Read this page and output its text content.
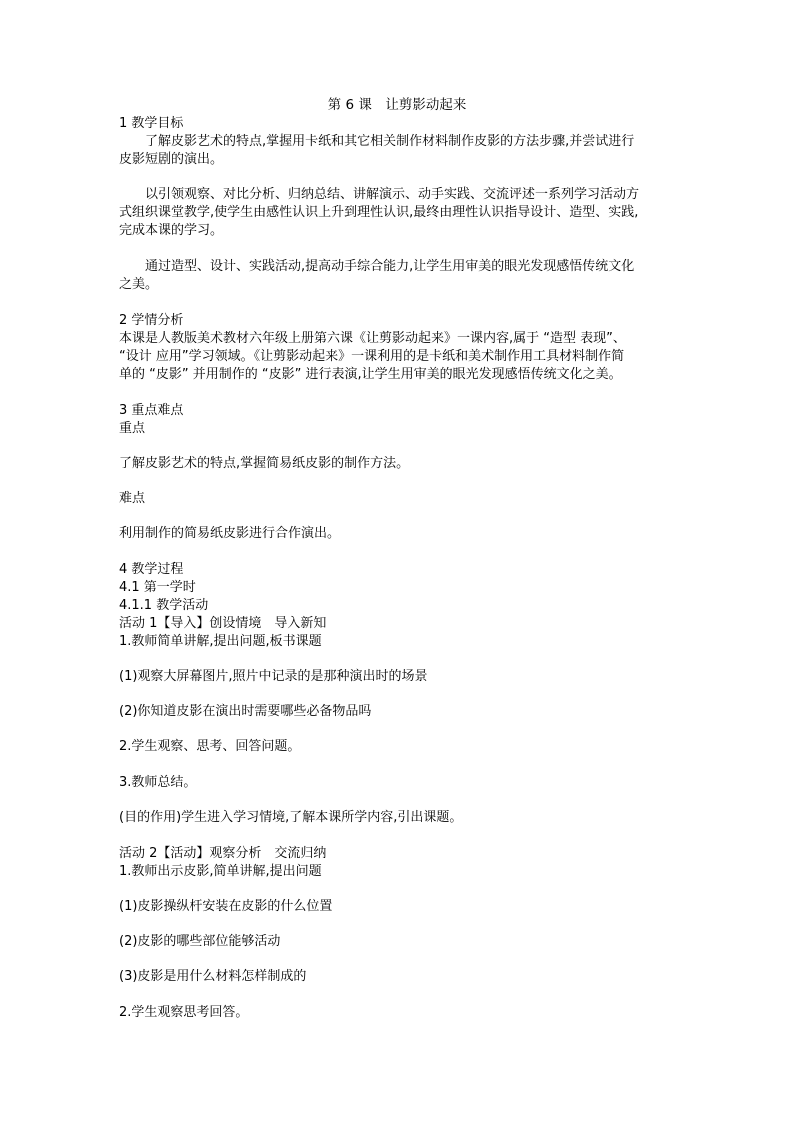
第 6 课　让剪影动起来
1 教学目标
　　了解皮影艺术的特点,掌握用卡纸和其它相关制作材料制作皮影的方法步骤,并尝试进行
皮影短剧的演出。
　　以引领观察、对比分析、归纳总结、讲解演示、动手实践、交流评述一系列学习活动方
式组织课堂教学,使学生由感性认识上升到理性认识,最终由理性认识指导设计、造型、实践,
完成本课的学习。
　　通过造型、设计、实践活动,提高动手综合能力,让学生用审美的眼光发现感悟传统文化
之美。
2 学情分析
本课是人教版美术教材六年级上册第六课《让剪影动起来》一课内容,属于 “造型 表现”、
“设计 应用”学习领域。《让剪影动起来》一课利用的是卡纸和美术制作用工具材料制作简
单的 “皮影” 并用制作的 “皮影” 进行表演,让学生用审美的眼光发现感悟传统文化之美。
3 重点难点
重点
了解皮影艺术的特点,掌握简易纸皮影的制作方法。
难点
利用制作的简易纸皮影进行合作演出。
4 教学过程
4.1 第一学时
4.1.1 教学活动
活动 1【导入】创设情境　导入新知
1.教师简单讲解,提出问题,板书课题
(1)观察大屏幕图片,照片中记录的是那种演出时的场景
(2)你知道皮影在演出时需要哪些必备物品吗
2.学生观察、思考、回答问题。
3.教师总结。
(目的作用)学生进入学习情境,了解本课所学内容,引出课题。
活动 2【活动】观察分析　交流归纳
1.教师出示皮影,简单讲解,提出问题
(1)皮影操纵杆安装在皮影的什么位置
(2)皮影的哪些部位能够活动
(3)皮影是用什么材料怎样制成的
2.学生观察思考回答。
